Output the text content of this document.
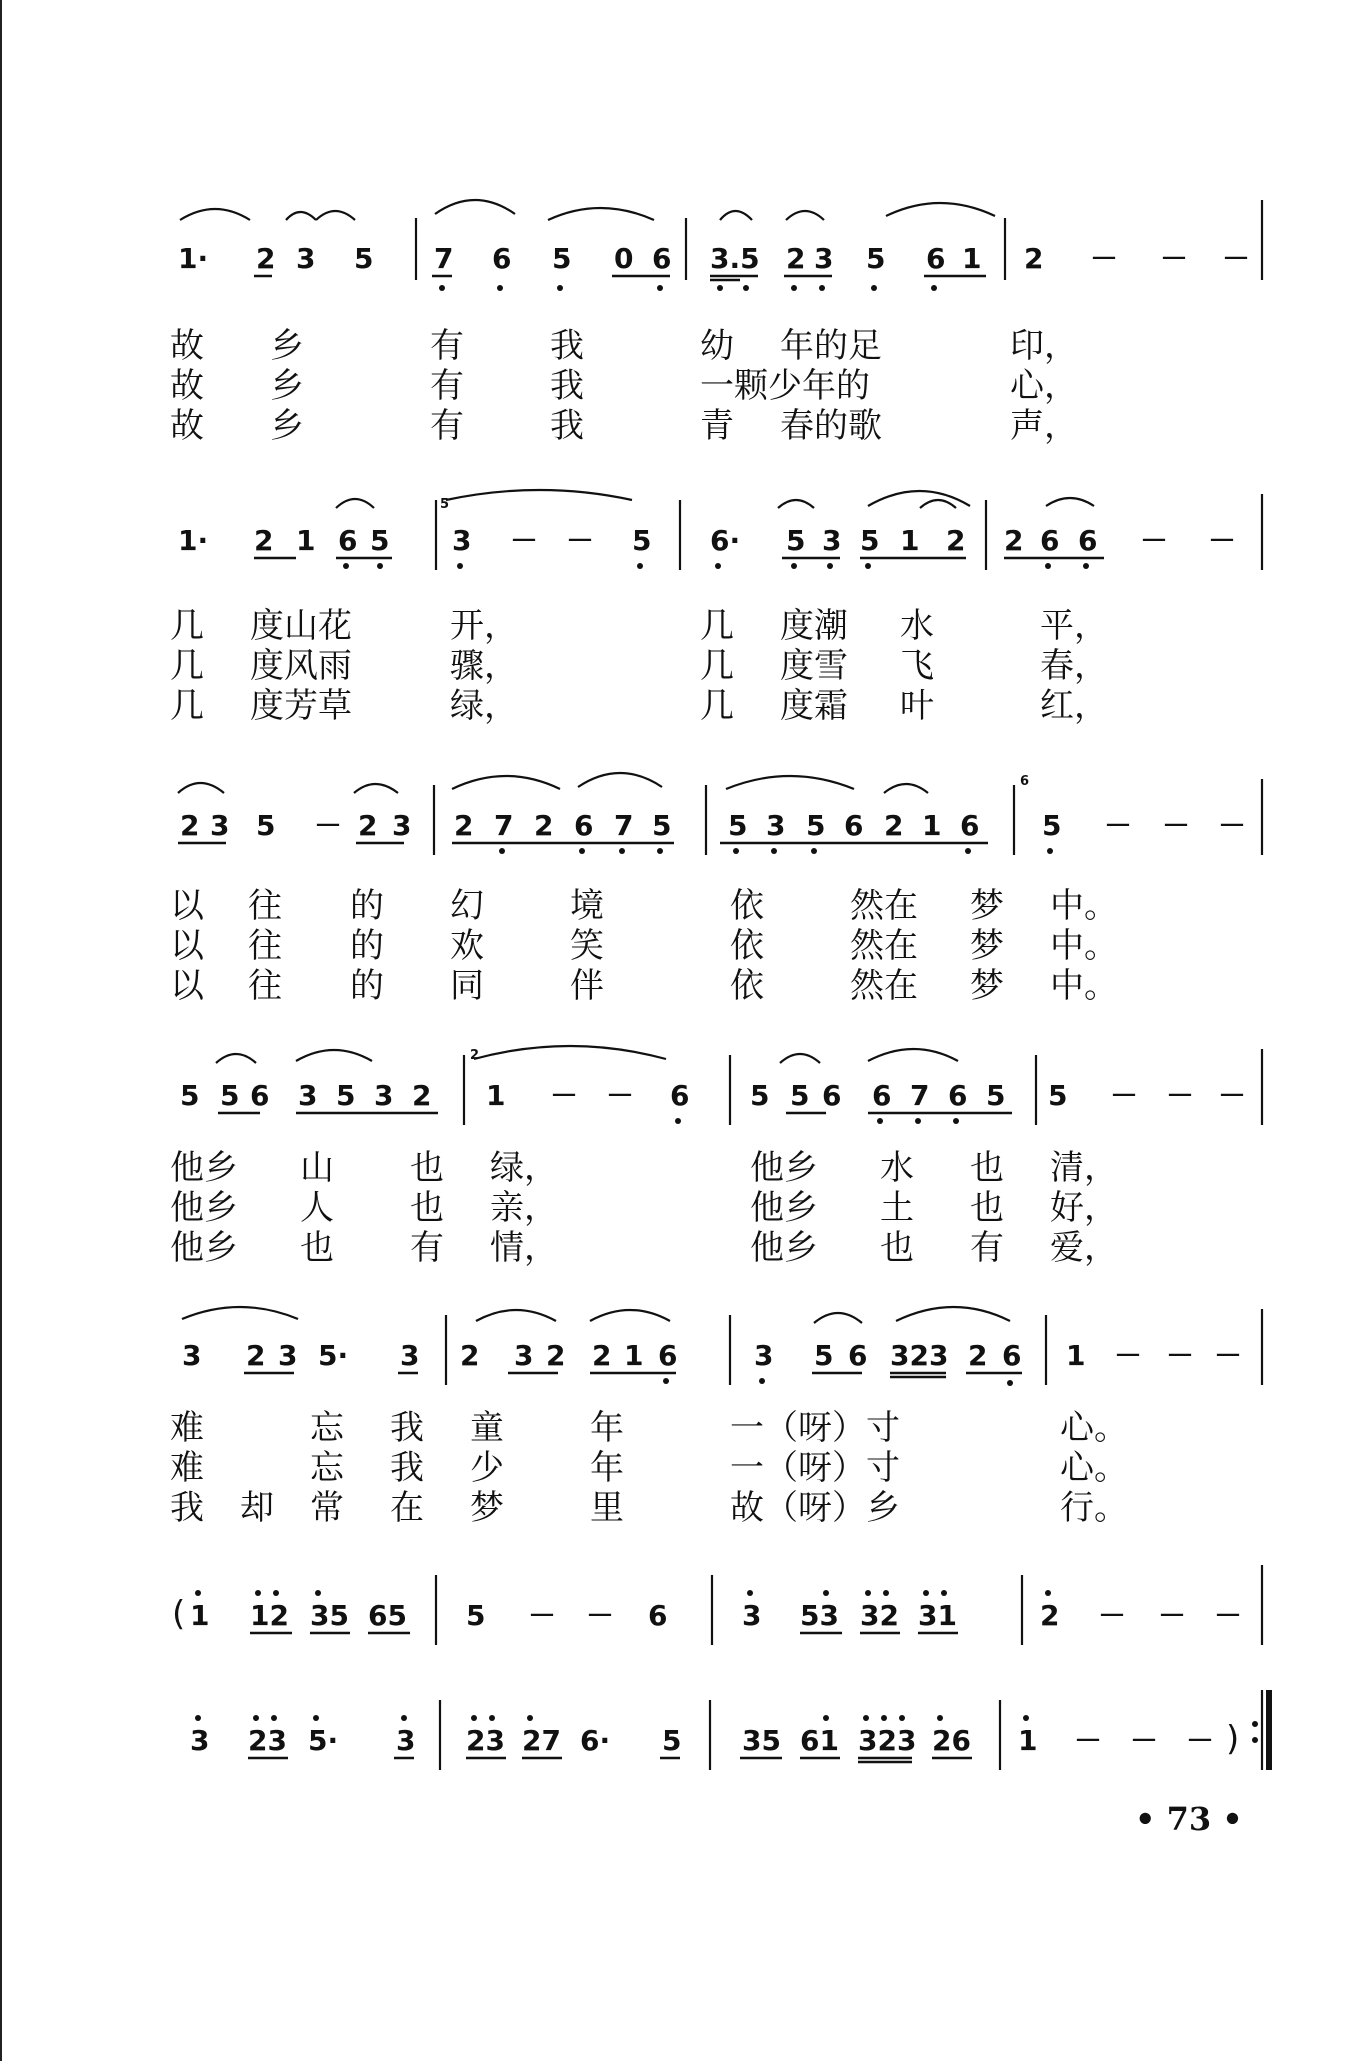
1· 2 3 5 7 6 5 0 6 3.5 2 3 5 6 1 2 － － －
故 乡	有	我	幼 年的足	印，
故 乡	有	我	一颗少年的	心，
故 乡	有	我	青 春的歌	声，
5
1· 2 1 6 5 3 － － 5 6· 5 3 5 1 2 2 6 6 － －
几 度山花	开，	几 度潮 水	平，
几 度风雨	骤，	几 度雪 飞	春，
几 度芳草	绿，	几 度霜 叶	红，
6
2 3 5 － 2 3 2 7 2 6 7 5 5 3 5 6 2 1 6 5 － － －
以 往 的 幻	境	依	然在 梦 中。
以 往 的 欢	笑	依	然在 梦 中。
以 往 的 同	伴	依	然在 梦 中。
2
5 5 6 3 5 3 2 1 － － 6 5 5 6 6 7 6 5 5 － － －
他乡 山 也 绿，	他乡 水 也 清，
他乡 人 也 亲，	他乡 土 也 好，
他乡 也 有 情，	他乡 也 有 爱，
3 2 3 5· 3 2 3 2 2 1 6	3 5 6 323 2 6 1 － － －
难	忘 我 童	年	一（呀）寸	心。
难	忘 我 少	年	一（呀）寸	心。
我 却 常 在 梦	里	故（呀）乡	行。
( 1 12 35 65 5 － － 6	3 53 32 31	2 － － －
3 23 5· 3 23 27 6· 5 35 61 323 26 1 － － － )
• 73 •
